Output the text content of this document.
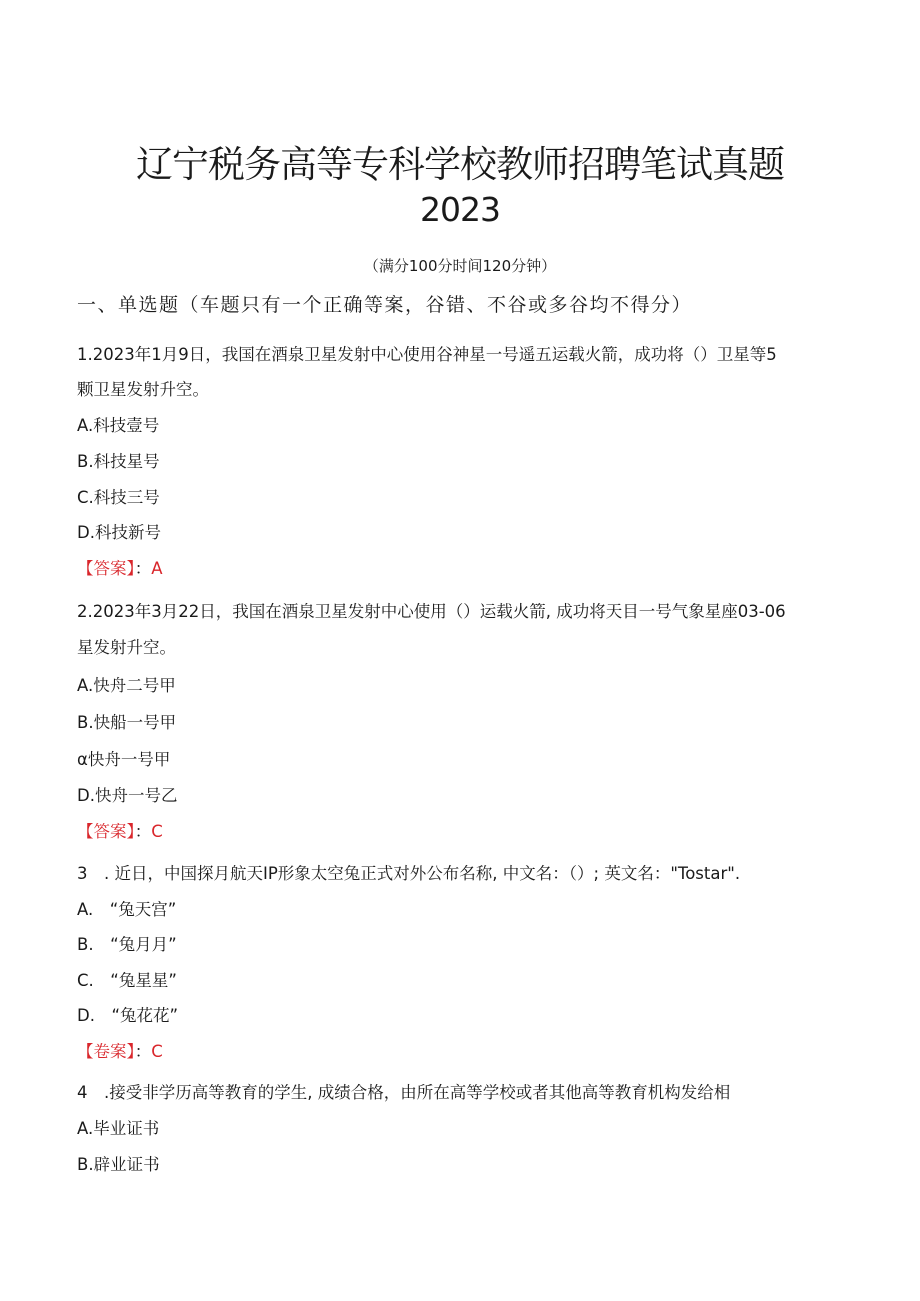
辽宁税务高等专科学校教师招聘笔试真题
2023
（满分100分时间120分钟）
一、单选题（车题只有一个正确等案，谷错、不谷或多谷均不得分）
1.2023年1月9日，我国在酒泉卫星发射中心使用谷神星一号遥五运载火箭，成功将（）卫星等5
颗卫星发射升空。
A.科技壹号
B.科技星号
C.科技三号
D.科技新号
【答案】：A
2.2023年3月22日，我国在酒泉卫星发射中心使用（）运载火箭, 成功将天目一号气象星座03-06
星发射升空。
A.快舟二号甲
B.快船一号甲
α快舟一号甲
D.快舟一号乙
【答案】：C
3　. 近日，中国探月航天IP形象太空兔正式对外公布名称, 中文名：（）; 英文名："Tostar".
A.　“兔天宫”
B.　“兔月月”
C.　“兔星星”
D.　“兔花花”
【卷案】：C
4　.接受非学历高等教育的学生, 成绩合格，由所在高等学校或者其他高等教育机构发给相
A.毕业证书
B.辟业证书
